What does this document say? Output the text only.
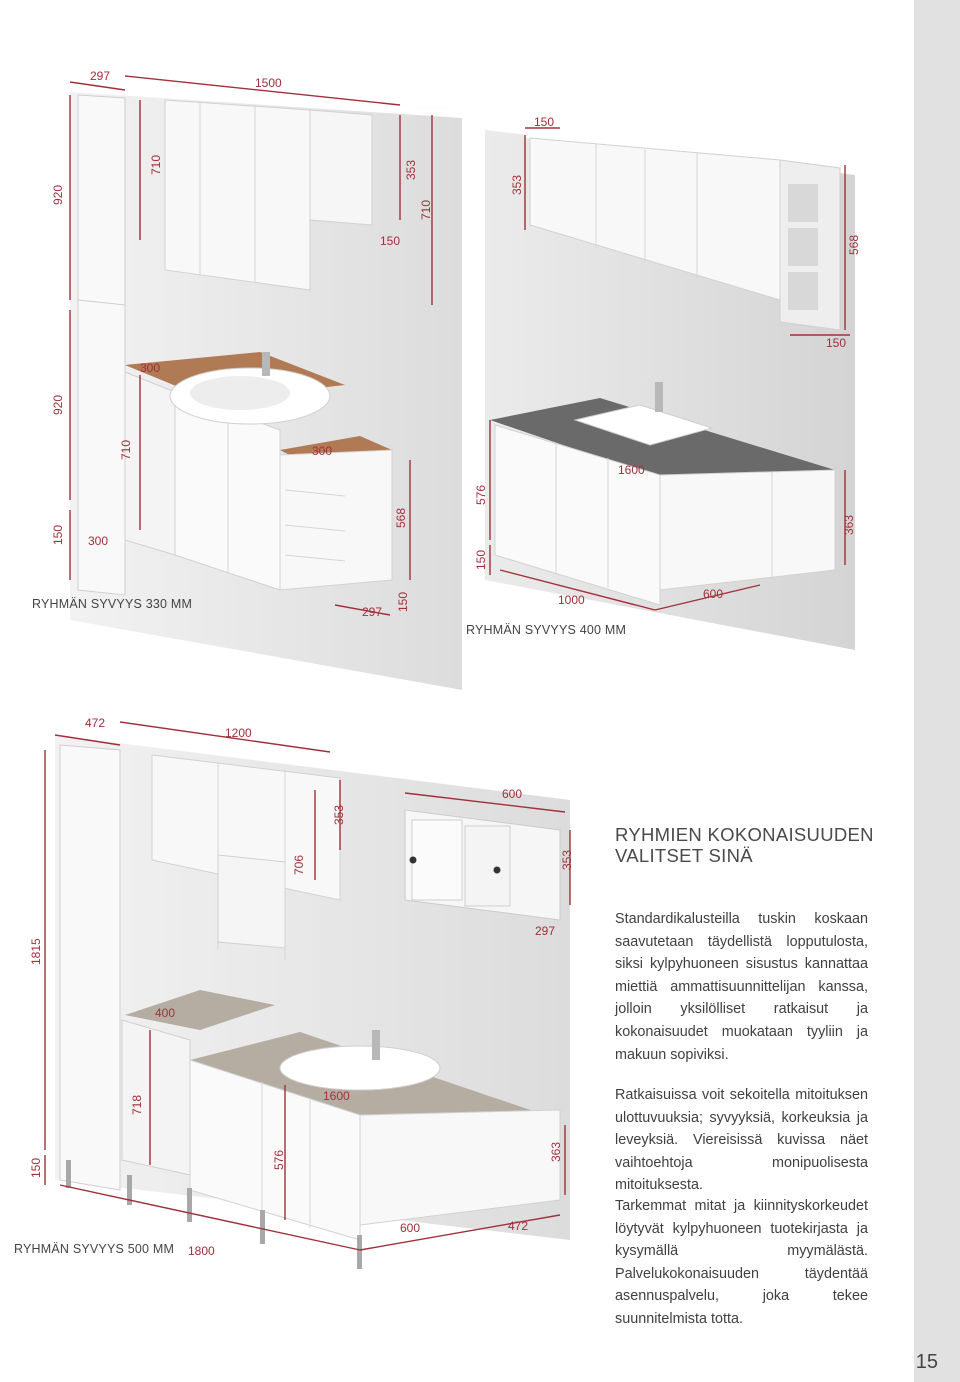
15
297	1500
920
710	353
150
710
920
300
710	300
150 300
568
297 150
150
353
568
150
1600
576
150
363
1000	600
472
1200
600
353
706	353
297
1815
400
718	1600
576	363
150
1800
600	472
RYHMÄN SYVYYS 330 MM
RYHMÄN SYVYYS 400 MM
RYHMÄN SYVYYS 500 MM
RYHMIEN KOKONAISUUDEN
VALITSET SINÄ
Standardikalusteilla tuskin koskaan saavutetaan täydellistä lopputulosta, siksi kylpyhuoneen sisustus kannattaa miettiä ammattisuunnittelijan kanssa, jolloin yksilölliset ratkaisut ja kokonaisuudet muokataan tyyliin ja makuun sopiviksi.
Ratkaisuissa voit sekoitella mitoituksen ulottuvuuksia; syvyyksiä, korkeuksia ja leveyksiä. Viereisissä kuvissa näet vaihtoehtoja monipuolisesta mitoituksesta.
Tarkemmat mitat ja kiinnityskorkeudet löytyvät kylpyhuoneen tuotekirjasta ja kysymällä myymälästä. Palvelukokonaisuuden täydentää asennuspalvelu, joka tekee suunnitelmista totta.
